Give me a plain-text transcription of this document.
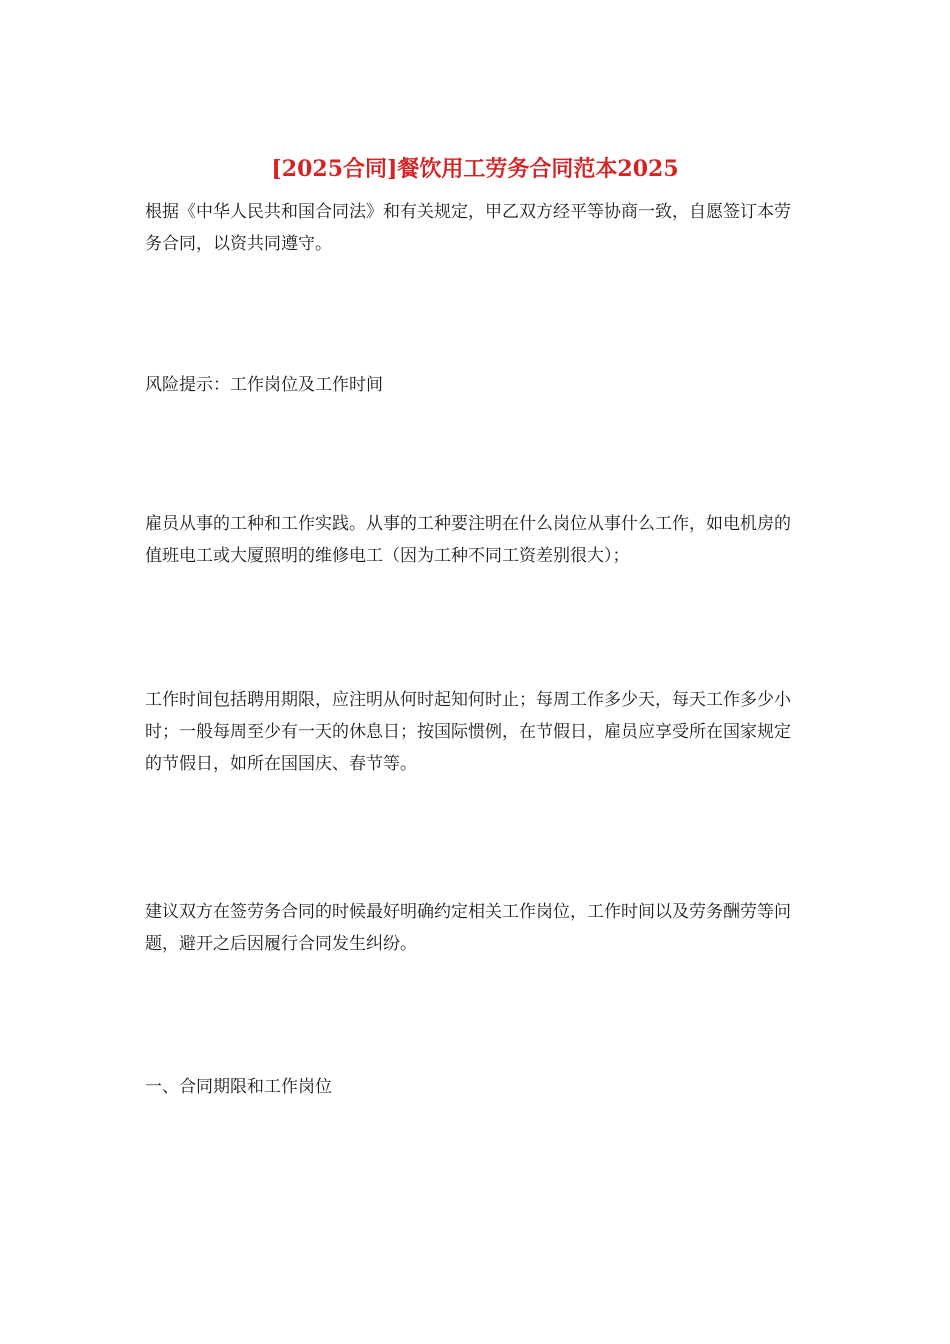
[2025合同]餐饮用工劳务合同范本2025

根据《中华人民共和国合同法》和有关规定，甲乙双方经平等协商一致，自愿签订本劳务合同，以资共同遵守。

风险提示：工作岗位及工作时间

雇员从事的工种和工作实践。从事的工种要注明在什么岗位从事什么工作，如电机房的值班电工或大厦照明的维修电工（因为工种不同工资差别很大）；

工作时间包括聘用期限，应注明从何时起知何时止；每周工作多少天，每天工作多少小时；一般每周至少有一天的休息日；按国际惯例，在节假日，雇员应享受所在国家规定的节假日，如所在国国庆、春节等。

建议双方在签劳务合同的时候最好明确约定相关工作岗位，工作时间以及劳务酬劳等问题，避开之后因履行合同发生纠纷。

一、合同期限和工作岗位
